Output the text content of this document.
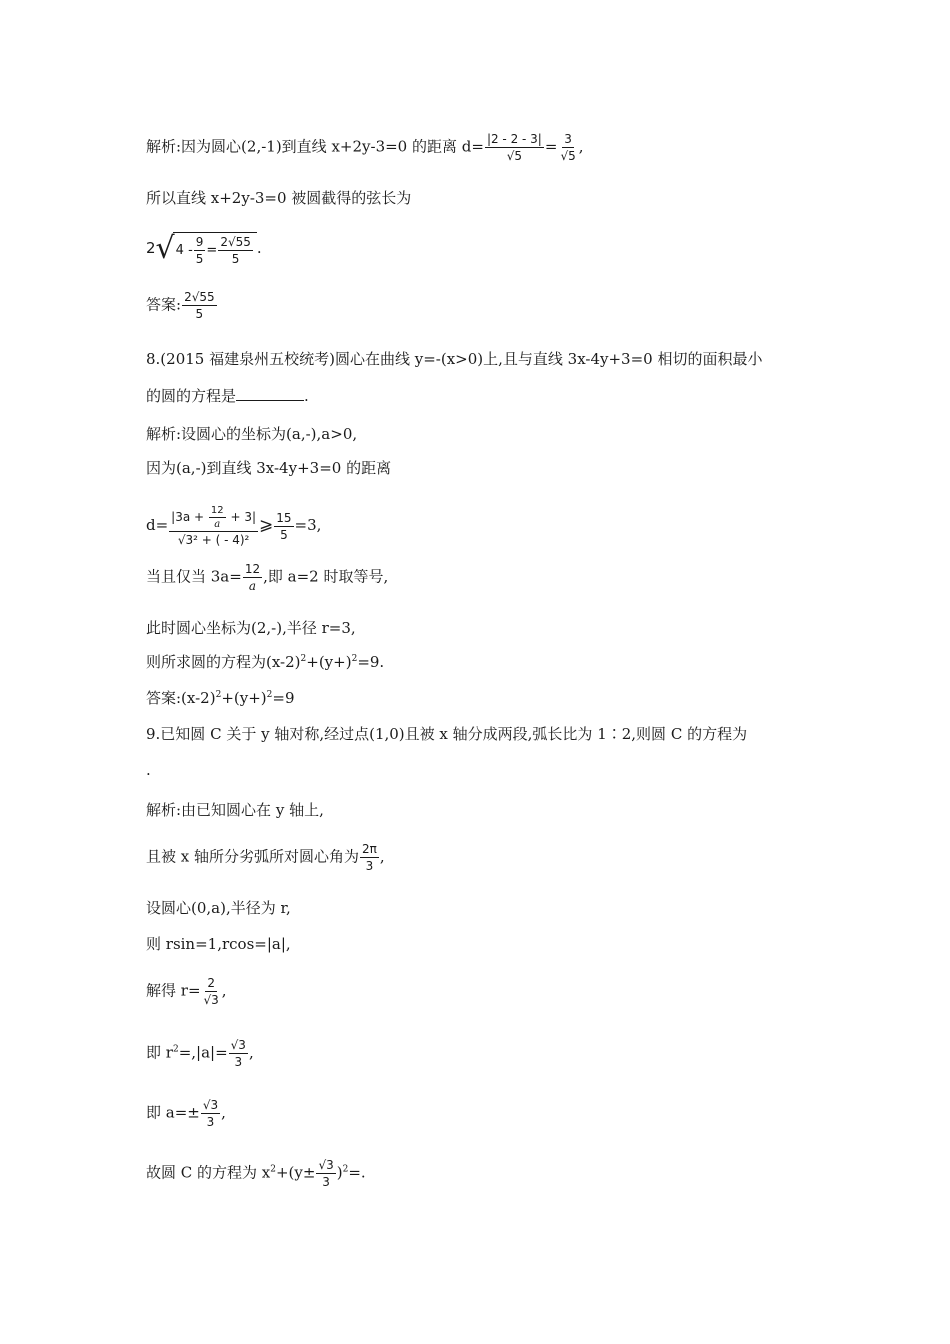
解析:因为圆心(2,-1)到直线 x+2y-3=0 的距离 $d= \frac{|2 - 2 - 3|}{√5} = \frac{3}{√5}$ ,
所以直线 x+2y-3=0 被圆截得的弦长为
2 √ $4 - \frac{9}{5} = \frac{2√55}{5}$ .
答案: $\frac{2√55}{5}$
8.(2015 福建泉州五校统考)圆心在曲线 y=-(x>0)上,且与直线 3x-4y+3=0 相切的面积最小
的圆的方程是	.
解析:设圆心的坐标为(a,-),a>0,
因为(a,-)到直线 3x-4y+3=0 的距离
$d= \frac{|3a + \frac{12}{a} + 3|}{\text{√3² + ( - 4)²}}$ ⩾ $\frac{15}{5} =3$,
当且仅当 $3a= \frac{12}{a}$ ,即 a=2 时取等号,
此时圆心坐标为(2,-),半径 r=3,
则所求圆的方程为$(x-2)^2+(y+)^2=9$.
答案$:(x-2)^2+(y+)^2=9$
9.已知圆 C 关于 y 轴对称,经过点(1,0)且被 x 轴分成两段,弧长比为 1∶2,则圆 C 的方程为
.
解析:由已知圆心在 y 轴上,
且被 x 轴所分劣弧所对圆心角为 $\frac{2\pi}{3}$ ,
设圆心(0,a),半径为 r,
则 rsin=1,rcos=|a|,
解得 $r= \frac{2}{√3}$ ,
即 $r^2=,|a|= \frac{√3}{3}$ ,
即 $a=\pm \frac{√3}{3}$ ,
故圆 C 的方程为 $x^2+(y\pm \frac{√3}{3} )^2=$.
